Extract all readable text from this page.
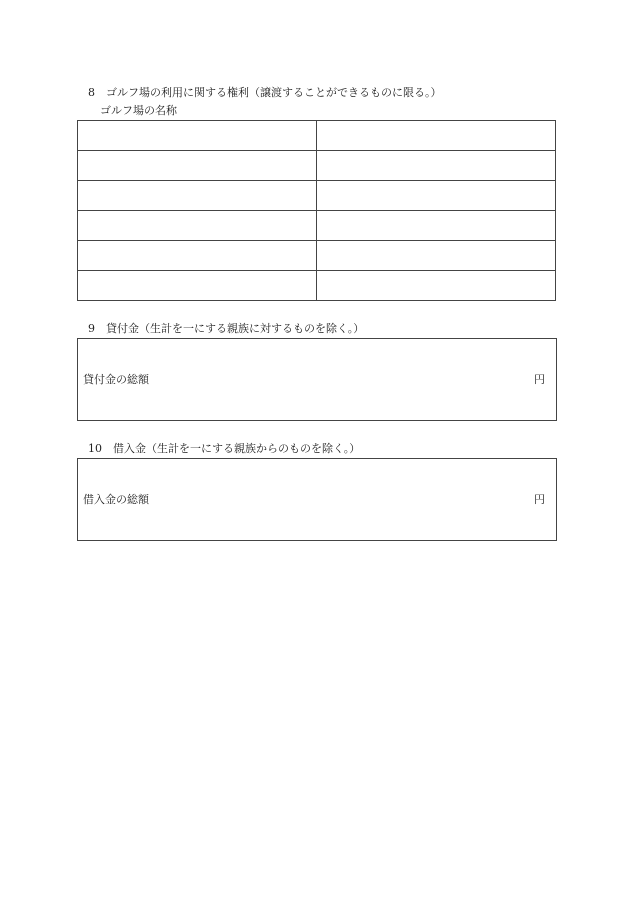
8　ゴルフ場の利用に関する権利（譲渡することができるものに限る。）
ゴルフ場の名称

9　貸付金（生計を一にする親族に対するものを除く。）
貸付金の総額	円
10　借入金（生計を一にする親族からのものを除く。）
借入金の総額	円
